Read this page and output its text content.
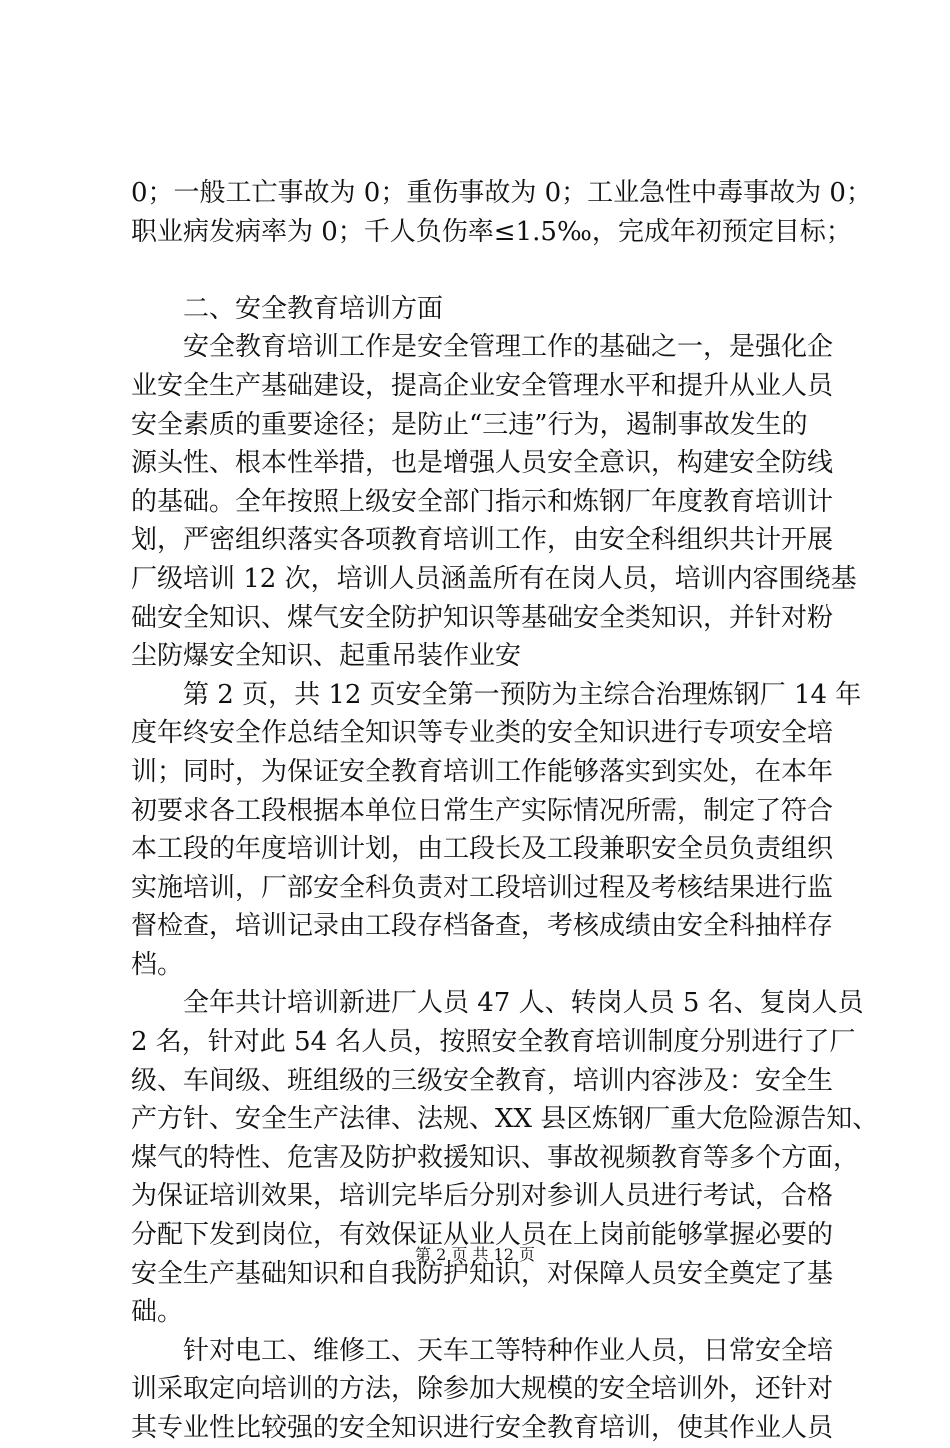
0；一般工亡事故为 0；重伤事故为 0；工业急性中毒事故为 0；
职业病发病率为 0；千人负伤率≤1.5‰，完成年初预定目标；
二、安全教育培训方面
安全教育培训工作是安全管理工作的基础之一，是强化企
业安全生产基础建设，提高企业安全管理水平和提升从业人员
安全素质的重要途径；是防止“三违”行为，遏制事故发生的
源头性、根本性举措，也是增强人员安全意识，构建安全防线
的基础。全年按照上级安全部门指示和炼钢厂年度教育培训计
划，严密组织落实各项教育培训工作，由安全科组织共计开展
厂级培训 12 次，培训人员涵盖所有在岗人员，培训内容围绕基
础安全知识、煤气安全防护知识等基础安全类知识，并针对粉
尘防爆安全知识、起重吊装作业安
第 2 页，共 12 页安全第一预防为主综合治理炼钢厂 14 年
度年终安全作总结全知识等专业类的安全知识进行专项安全培
训；同时，为保证安全教育培训工作能够落实到实处，在本年
初要求各工段根据本单位日常生产实际情况所需，制定了符合
本工段的年度培训计划，由工段长及工段兼职安全员负责组织
实施培训，厂部安全科负责对工段培训过程及考核结果进行监
督检查，培训记录由工段存档备查，考核成绩由安全科抽样存
档。
全年共计培训新进厂人员 47 人、转岗人员 5 名、复岗人员
2 名，针对此 54 名人员，按照安全教育培训制度分别进行了厂
级、车间级、班组级的三级安全教育，培训内容涉及：安全生
产方针、安全生产法律、法规、XX 县区炼钢厂重大危险源告知、
煤气的特性、危害及防护救援知识、事故视频教育等多个方面，
为保证培训效果，培训完毕后分别对参训人员进行考试，合格
分配下发到岗位，有效保证从业人员在上岗前能够掌握必要的
安全生产基础知识和自我防护知识，对保障人员安全奠定了基
础。
针对电工、维修工、天车工等特种作业人员，日常安全培
训采取定向培训的方法，除参加大规模的安全培训外，还针对
其专业性比较强的安全知识进行安全教育培训，使其作业人员
第 2 页 共 12 页
